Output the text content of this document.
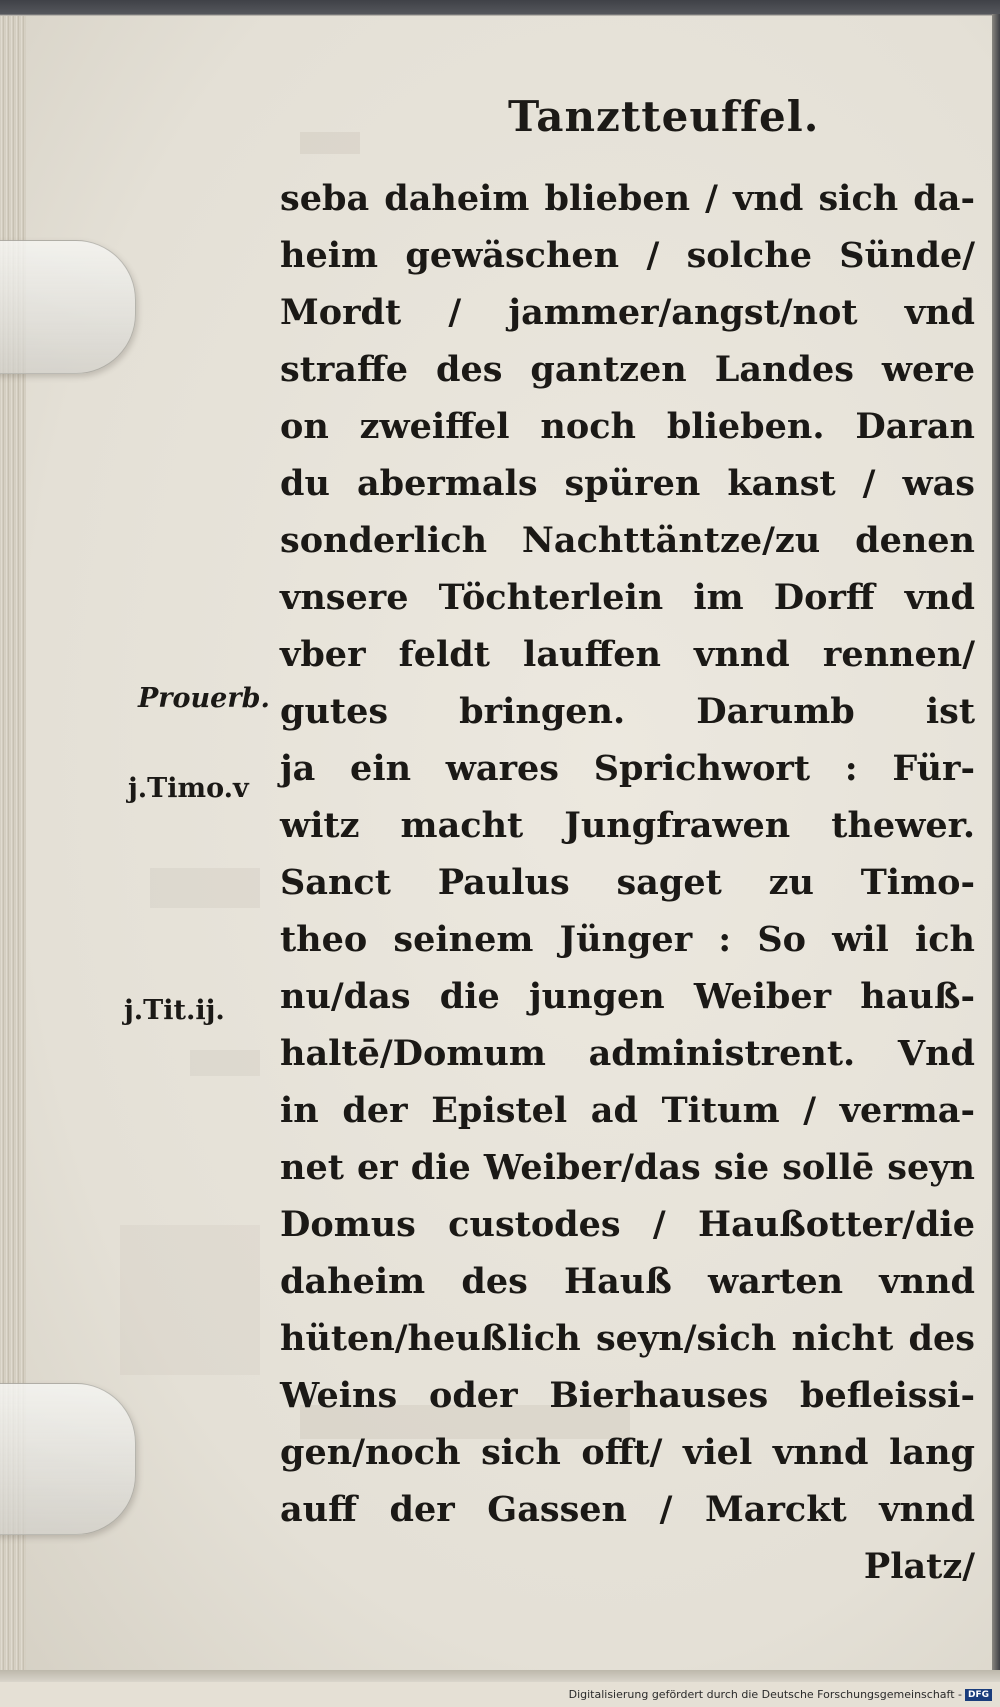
Tanztteuffel.
seba daheim blieben / vnd sich da‑
heim gewäschen / solche Sünde/
Mordt / jammer/angst/not vnd
straffe des gantzen Landes were
on zweiffel noch blieben. Daran
du abermals spüren kanst / was
sonderlich Nachttäntze/zu denen
vnsere Töchterlein im Dorff vnd
vber feldt lauffen vnnd rennen/
gutes bringen. Darumb ist
ja ein wares Sprichwort : Für‑
witz macht Jungfrawen thewer.
Sanct Paulus saget zu Timo‑
theo seinem Jünger : So wil ich
nu/das die jungen Weiber hauß‑
haltē/Domum administrent. Vnd
in der Epistel ad Titum / verma‑
net er die Weiber/das sie sollē seyn
Domus custodes / Haußotter/die
daheim des Hauß warten vnnd
hüten/heußlich seyn/sich nicht des
Weins oder Bierhauses befleissi‑
gen/noch sich offt/ viel vnnd lang
auff der Gassen / Marckt vnnd
Platz/
Prouerb.
j.Timo.v
j.Tit.ij.
Digitalisierung gefördert durch die Deutsche Forschungsgemeinschaft - DFG
